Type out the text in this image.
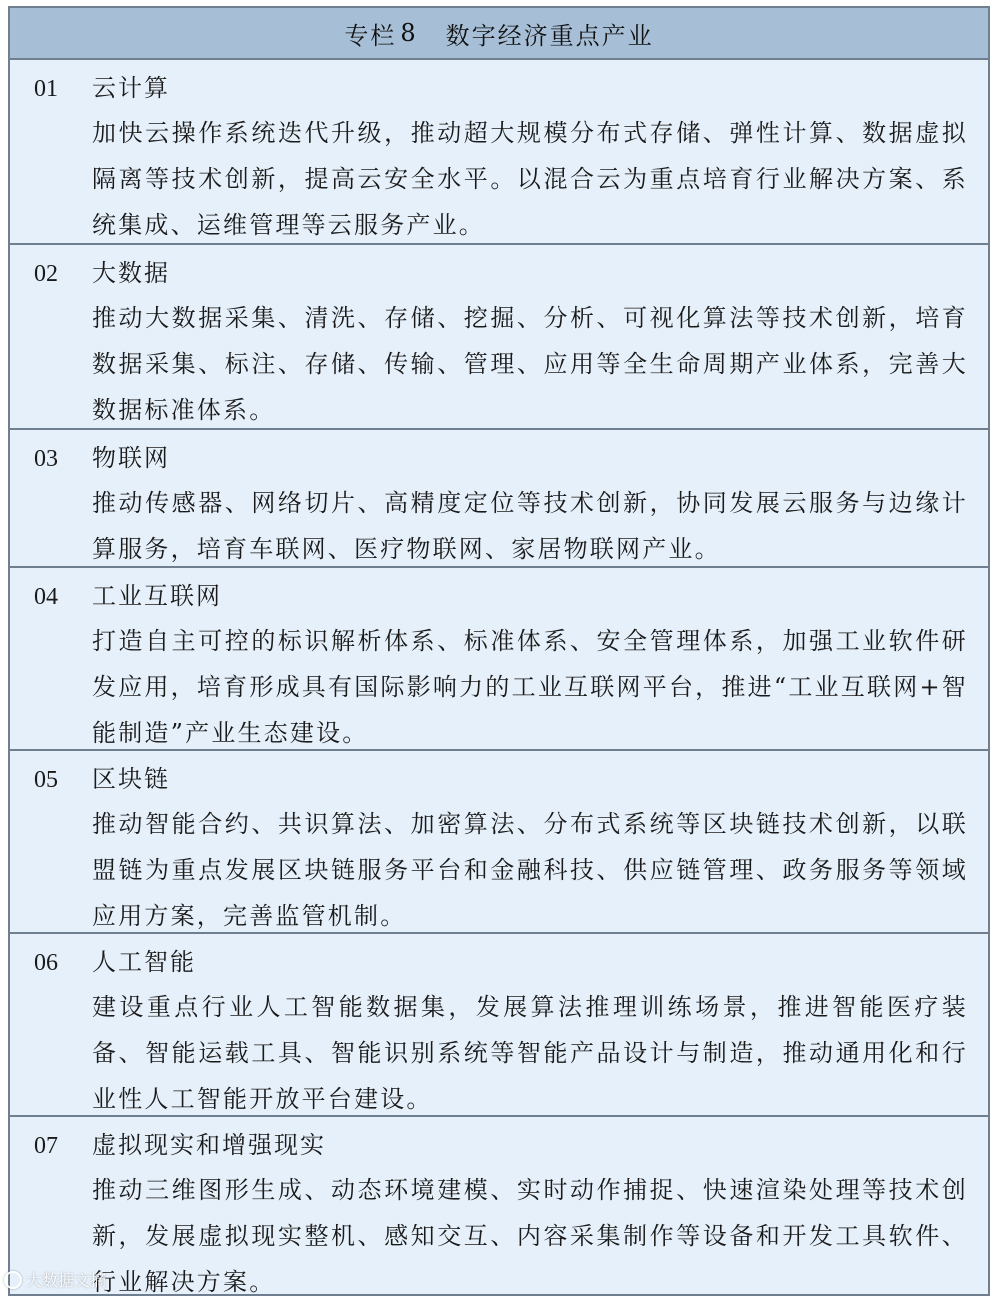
专栏 8 数字经济重点产业
01	云计算
加快云操作系统迭代升级，推动超大规模分布式存储、弹性计算、数据虚拟隔离等技术创新，提高云安全水平。以混合云为重点培育行业解决方案、系统集成、运维管理等云服务产业。
02	大数据
推动大数据采集、清洗、存储、挖掘、分析、可视化算法等技术创新，培育数据采集、标注、存储、传输、管理、应用等全生命周期产业体系，完善大数据标准体系。
03	物联网
推动传感器、网络切片、高精度定位等技术创新，协同发展云服务与边缘计算服务，培育车联网、医疗物联网、家居物联网产业。
04	工业互联网
打造自主可控的标识解析体系、标准体系、安全管理体系，加强工业软件研发应用，培育形成具有国际影响力的工业互联网平台，推进“工业互联网+智能制造”产业生态建设。
05	区块链
推动智能合约、共识算法、加密算法、分布式系统等区块链技术创新，以联盟链为重点发展区块链服务平台和金融科技、供应链管理、政务服务等领域应用方案，完善监管机制。
06	人工智能
建设重点行业人工智能数据集，发展算法推理训练场景，推进智能医疗装备、智能运载工具、智能识别系统等智能产品设计与制造，推动通用化和行业性人工智能开放平台建设。
07	虚拟现实和增强现实
推动三维图形生成、动态环境建模、实时动作捕捉、快速渲染处理等技术创新，发展虚拟现实整机、感知交互、内容采集制作等设备和开发工具软件、行业解决方案。
大数据文摘
